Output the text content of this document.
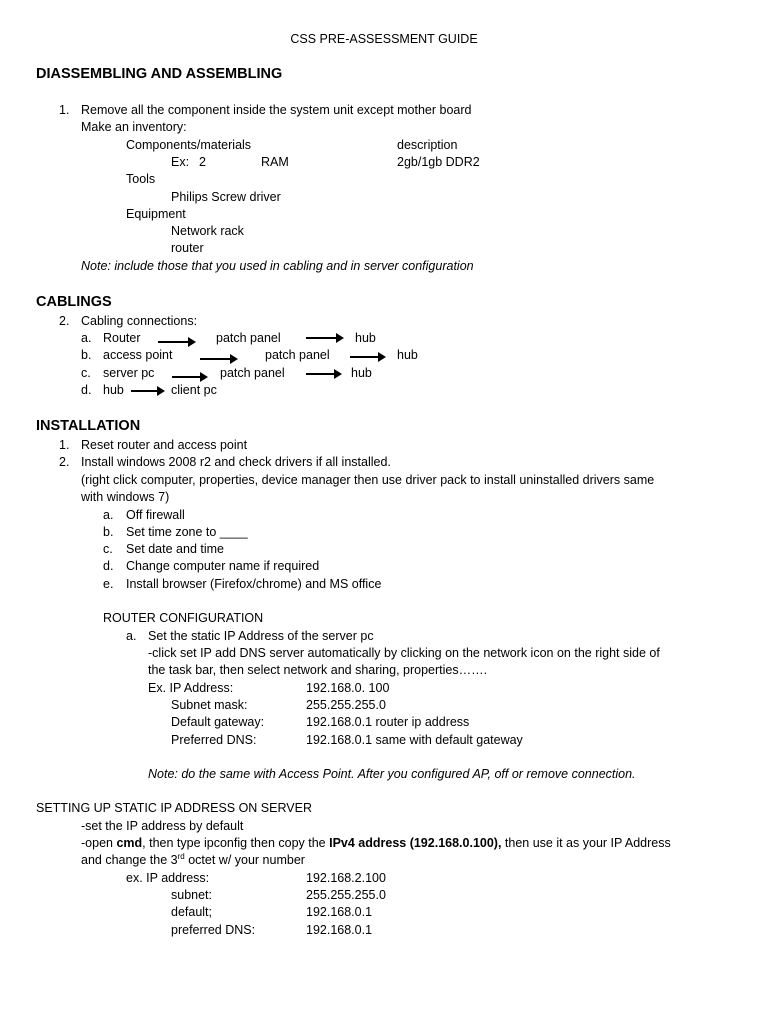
CSS PRE-ASSESSMENT GUIDE
DIASSEMBLING AND ASSEMBLING
1. Remove all the component inside the system unit except mother board
Make an inventory:
Components/materials	description
Ex: 2	RAM	2gb/1gb DDR2
Tools
Philips Screw driver
Equipment
Network rack
router
Note: include those that you used in cabling and in server configuration
CABLINGS
2. Cabling connections:
a. Router	patch panel	hub
b. access point	patch panel	hub
c. server pc	patch panel	hub
d. hub	client pc
INSTALLATION
1. Reset router and access point
2. Install windows 2008 r2 and check drivers if all installed.
(right click computer, properties, device manager then use driver pack to install uninstalled drivers same
with windows 7)
a. Off firewall
b. Set time zone to ____
c. Set date and time
d. Change computer name if required
e. Install browser (Firefox/chrome) and MS office
ROUTER CONFIGURATION
a. Set the static IP Address of the server pc
-click set IP add DNS server automatically by clicking on the network icon on the right side of
the task bar, then select network and sharing, properties…….
Ex. IP Address:	192.168.0. 100
Subnet mask:	255.255.255.0
Default gateway:	192.168.0.1 router ip address
Preferred DNS:	192.168.0.1 same with default gateway
Note: do the same with Access Point. After you configured AP, off or remove connection.
SETTING UP STATIC IP ADDRESS ON SERVER
-set the IP address by default
-open cmd, then type ipconfig then copy the IPv4 address (192.168.0.100), then use it as your IP Address
and change the 3rd octet w/ your number
ex. IP address:	192.168.2.100
subnet:	255.255.255.0
default;	192.168.0.1
preferred DNS:	192.168.0.1
